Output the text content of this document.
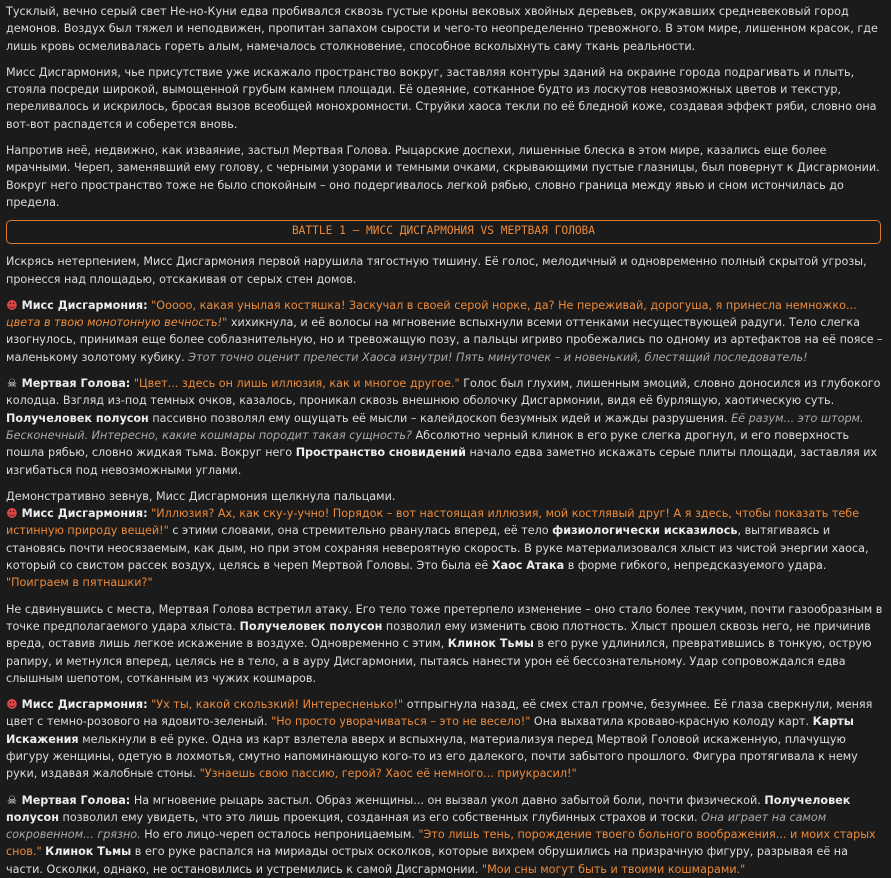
Тусклый, вечно серый свет Не-но-Куни едва пробивался сквозь густые кроны вековых хвойных деревьев, окружавших средневековый город демонов. Воздух был тяжел и неподвижен, пропитан запахом сырости и чего-то неопределенно тревожного. В этом мире, лишенном красок, где лишь кровь осмеливалась гореть алым, намечалось столкновение, способное всколыхнуть саму ткань реальности.

Мисс Дисгармония, чье присутствие уже искажало пространство вокруг, заставляя контуры зданий на окраине города подрагивать и плыть, стояла посреди широкой, вымощенной грубым камнем площади. Её одеяние, сотканное будто из лоскутов невозможных цветов и текстур, переливалось и искрилось, бросая вызов всеобщей монохромности. Струйки хаоса текли по её бледной коже, создавая эффект ряби, словно она вот-вот распадется и соберется вновь.

Напротив неё, недвижно, как изваяние, застыл Мертвая Голова. Рыцарские доспехи, лишенные блеска в этом мире, казались еще более мрачными. Череп, заменявший ему голову, с черными узорами и темными очками, скрывающими пустые глазницы, был повернут к Дисгармонии. Вокруг него пространство тоже не было спокойным – оно подергивалось легкой рябью, словно граница между явью и сном истончилась до предела.

BATTLE 1 – МИСС ДИСГАРМОНИЯ VS МЕРТВАЯ ГОЛОВА

Искрясь нетерпением, Мисс Дисгармония первой нарушила тягостную тишину. Её голос, мелодичный и одновременно полный скрытой угрозы, пронесся над площадью, отскакивая от серых стен домов.

☻ Мисс Дисгармония: "Ооооо, какая унылая костяшка! Заскучал в своей серой норке, да? Не переживай, дорогуша, я принесла немножко... цвета в твою монотонную вечность!" хихикнула, и её волосы на мгновение вспыхнули всеми оттенками несуществующей радуги. Тело слегка изогнулось, принимая еще более соблазнительную, но и тревожащую позу, а пальцы игриво пробежались по одному из артефактов на её поясе – маленькому золотому кубику. Этот точно оценит прелести Хаоса изнутри! Пять минуточек – и новенький, блестящий последователь!

☠ Мертвая Голова: "Цвет... здесь он лишь иллюзия, как и многое другое." Голос был глухим, лишенным эмоций, словно доносился из глубокого колодца. Взгляд из-под темных очков, казалось, проникал сквозь внешнюю оболочку Дисгармонии, видя её бурлящую, хаотическую суть. Получеловек полусон пассивно позволял ему ощущать её мысли – калейдоскоп безумных идей и жажды разрушения. Её разум... это шторм. Бесконечный. Интересно, какие кошмары породит такая сущность? Абсолютно черный клинок в его руке слегка дрогнул, и его поверхность пошла рябью, словно жидкая тьма. Вокруг него Пространство сновидений начало едва заметно искажать серые плиты площади, заставляя их изгибаться под невозможными углами.

Демонстративно зевнув, Мисс Дисгармония щелкнула пальцами.
☻ Мисс Дисгармония: "Иллюзия? Ах, как ску-у-учно! Порядок – вот настоящая иллюзия, мой костлявый друг! А я здесь, чтобы показать тебе истинную природу вещей!" с этими словами, она стремительно рванулась вперед, её тело физиологически исказилось, вытягиваясь и становясь почти неосязаемым, как дым, но при этом сохраняя невероятную скорость. В руке материализовался хлыст из чистой энергии хаоса, который со свистом рассек воздух, целясь в череп Мертвой Головы. Это была её Хаос Атака в форме гибкого, непредсказуемого удара. "Поиграем в пятнашки?"

Не сдвинувшись с места, Мертвая Голова встретил атаку. Его тело тоже претерпело изменение – оно стало более текучим, почти газообразным в точке предполагаемого удара хлыста. Получеловек полусон позволил ему изменить свою плотность. Хлыст прошел сквозь него, не причинив вреда, оставив лишь легкое искажение в воздухе. Одновременно с этим, Клинок Тьмы в его руке удлинился, превратившись в тонкую, острую рапиру, и метнулся вперед, целясь не в тело, а в ауру Дисгармонии, пытаясь нанести урон её бессознательному. Удар сопровождался едва слышным шепотом, сотканным из чужих кошмаров.

☻ Мисс Дисгармония: "Ух ты, какой скользкий! Интересненько!" отпрыгнула назад, её смех стал громче, безумнее. Её глаза сверкнули, меняя цвет с темно-розового на ядовито-зеленый. "Но просто уворачиваться – это не весело!" Она выхватила кроваво-красную колоду карт. Карты Искажения мелькнули в её руке. Одна из карт взлетела вверх и вспыхнула, материализуя перед Мертвой Головой искаженную, плачущую фигуру женщины, одетую в лохмотья, смутно напоминающую кого-то из его далекого, почти забытого прошлого. Фигура протягивала к нему руки, издавая жалобные стоны. "Узнаешь свою пассию, герой? Хаос её немного... приукрасил!"

☠ Мертвая Голова: На мгновение рыцарь застыл. Образ женщины... он вызвал укол давно забытой боли, почти физической. Получеловек полусон позволил ему увидеть, что это лишь проекция, созданная из его собственных глубинных страхов и тоски. Она играет на самом сокровенном... грязно. Но его лицо-череп осталось непроницаемым. "Это лишь тень, порождение твоего больного воображения... и моих старых снов." Клинок Тьмы в его руке распался на мириады острых осколков, которые вихрем обрушились на призрачную фигуру, разрывая её на части. Осколки, однако, не остановились и устремились к самой Дисгармонии. "Мои сны могут быть и твоими кошмарами."
